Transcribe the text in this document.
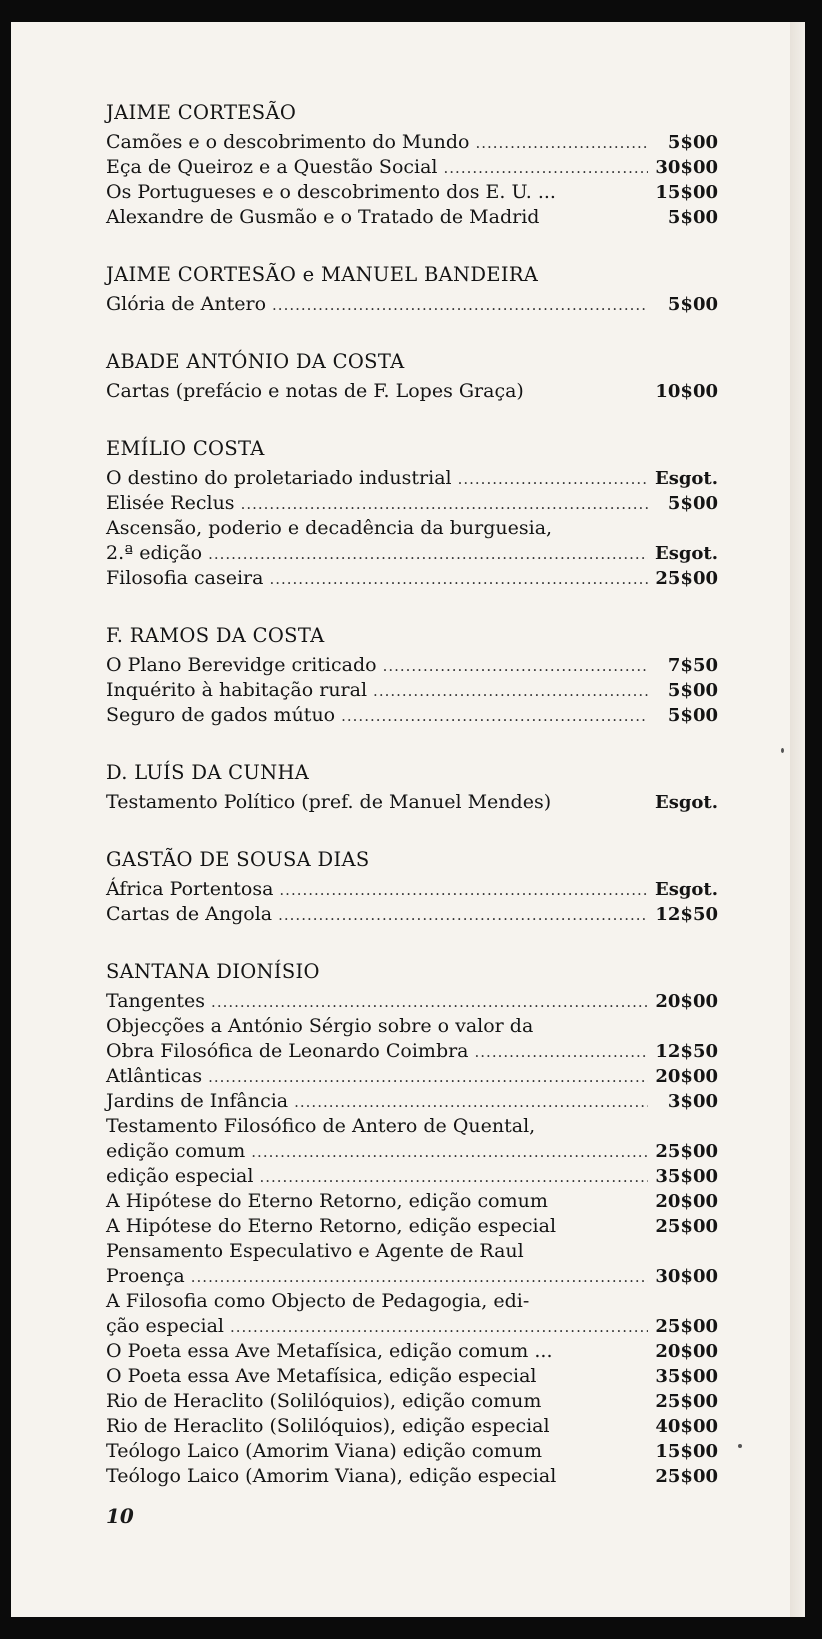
JAIME CORTESÃO
Camões e o descobrimento do Mundo .....	5$00
Eça de Queiroz e a Questão Social .....	30$00
Os Portugueses e o descobrimento dos E. U. ...	15$00
Alexandre de Gusmão e o Tratado de Madrid	5$00
JAIME CORTESÃO e MANUEL BANDEIRA
Glória de Antero .....	5$00
ABADE ANTÓNIO DA COSTA
Cartas (prefácio e notas de F. Lopes Graça)	10$00
EMÍLIO COSTA
O destino do proletariado industrial .....	Esgot.
Elisée Reclus .....	5$00
Ascensão, poderio e decadência da burguesia,
2.ª edição .....	Esgot.
Filosofia caseira .....	25$00
F. RAMOS DA COSTA
O Plano Berevidge criticado .....	7$50
Inquérito à habitação rural .....	5$00
Seguro de gados mútuo .....	5$00
D. LUÍS DA CUNHA
Testamento Político (pref. de Manuel Mendes)	Esgot.
GASTÃO DE SOUSA DIAS
África Portentosa .....	Esgot.
Cartas de Angola .....	12$50
SANTANA DIONÍSIO
Tangentes .....	20$00
Objecções a António Sérgio sobre o valor da
Obra Filosófica de Leonardo Coimbra .....	12$50
Atlânticas .....	20$00
Jardins de Infância .....	3$00
Testamento Filosófico de Antero de Quental,
edição comum .....	25$00
edição especial .....	35$00
A Hipótese do Eterno Retorno, edição comum	20$00
A Hipótese do Eterno Retorno, edição especial	25$00
Pensamento Especulativo e Agente de Raul
Proença .....	30$00
A Filosofia como Objecto de Pedagogia, edi-
ção especial .....	25$00
O Poeta essa Ave Metafísica, edição comum ...	20$00
O Poeta essa Ave Metafísica, edição especial	35$00
Rio de Heraclito (Solilóquios), edição comum	25$00
Rio de Heraclito (Solilóquios), edição especial	40$00
Teólogo Laico (Amorim Viana) edição comum	15$00
Teólogo Laico (Amorim Viana), edição especial	25$00
10
